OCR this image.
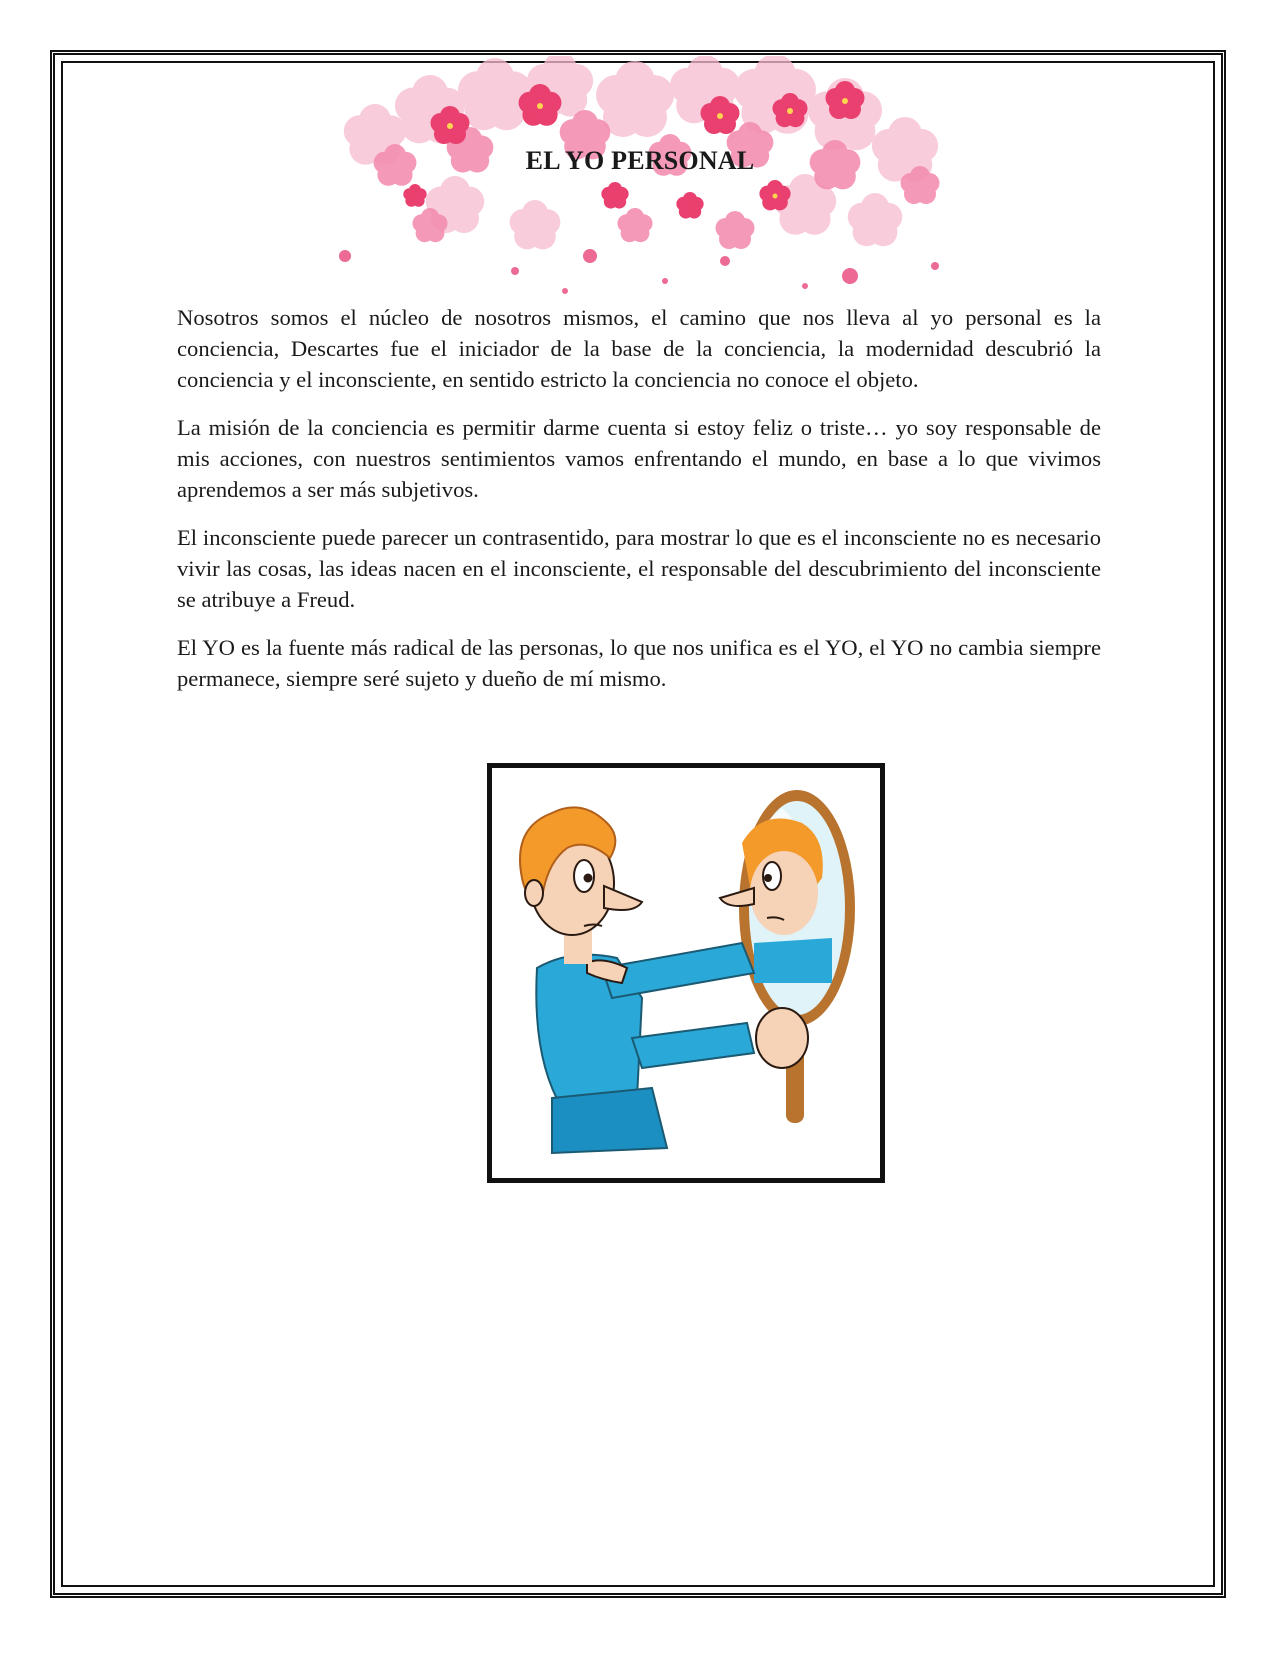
EL YO PERSONAL

Nosotros somos el núcleo de nosotros mismos, el camino que nos lleva al yo personal es la conciencia, Descartes fue el iniciador de la base de la conciencia, la modernidad descubrió la conciencia y el inconsciente, en sentido estricto la conciencia no conoce el objeto.

La misión de la conciencia es permitir darme cuenta si estoy feliz o triste… yo soy responsable de mis acciones, con nuestros sentimientos vamos enfrentando el mundo, en base a lo que vivimos aprendemos a ser más subjetivos.

El inconsciente puede parecer un contrasentido, para mostrar lo que es el inconsciente no es necesario vivir las cosas, las ideas nacen en el inconsciente, el responsable del descubrimiento del inconsciente se atribuye a Freud.

El YO es la fuente más radical de las personas, lo que nos unifica es el YO, el YO no cambia siempre permanece, siempre seré sujeto y dueño de mí mismo.
